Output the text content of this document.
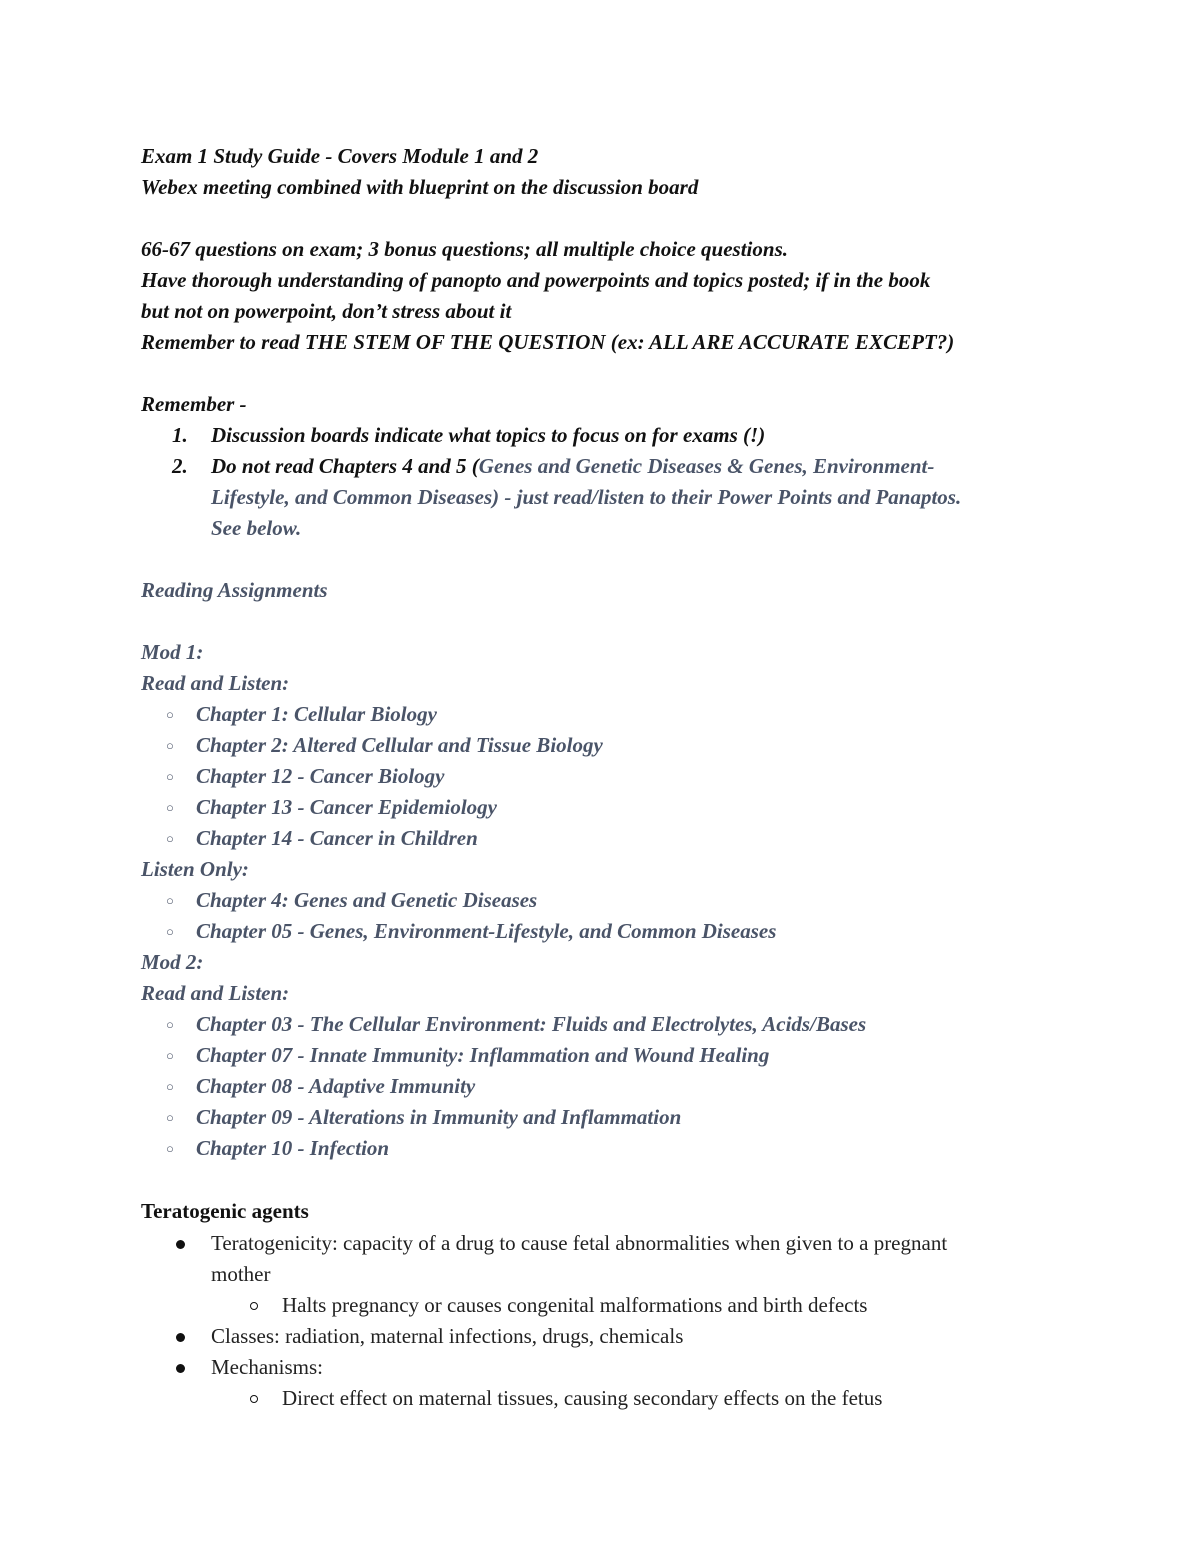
Exam 1 Study Guide - Covers Module 1 and 2
Webex meeting combined with blueprint on the discussion board
66-67 questions on exam; 3 bonus questions; all multiple choice questions.
Have thorough understanding of panopto and powerpoints and topics posted; if in the book
but not on powerpoint, don’t stress about it
Remember to read THE STEM OF THE QUESTION (ex: ALL ARE ACCURATE EXCEPT?)
Remember -
1. Discussion boards indicate what topics to focus on for exams (!)
2. Do not read Chapters 4 and 5 (Genes and Genetic Diseases & Genes, Environment-
Lifestyle, and Common Diseases) - just read/listen to their Power Points and Panaptos.
See below.
Reading Assignments
Mod 1:
Read and Listen:
○ Chapter 1: Cellular Biology
○ Chapter 2: Altered Cellular and Tissue Biology
○ Chapter 12 - Cancer Biology
○ Chapter 13 - Cancer Epidemiology
○ Chapter 14 - Cancer in Children
Listen Only:
○ Chapter 4: Genes and Genetic Diseases
○ Chapter 05 - Genes, Environment-Lifestyle, and Common Diseases
Mod 2:
Read and Listen:
○ Chapter 03 - The Cellular Environment: Fluids and Electrolytes, Acids/Bases
○ Chapter 07 - Innate Immunity: Inflammation and Wound Healing
○ Chapter 08 - Adaptive Immunity
○ Chapter 09 - Alterations in Immunity and Inflammation
○ Chapter 10 - Infection
Teratogenic agents
Teratogenicity: capacity of a drug to cause fetal abnormalities when given to a pregnant
mother
Halts pregnancy or causes congenital malformations and birth defects
Classes: radiation, maternal infections, drugs, chemicals
Mechanisms:
Direct effect on maternal tissues, causing secondary effects on the fetus
